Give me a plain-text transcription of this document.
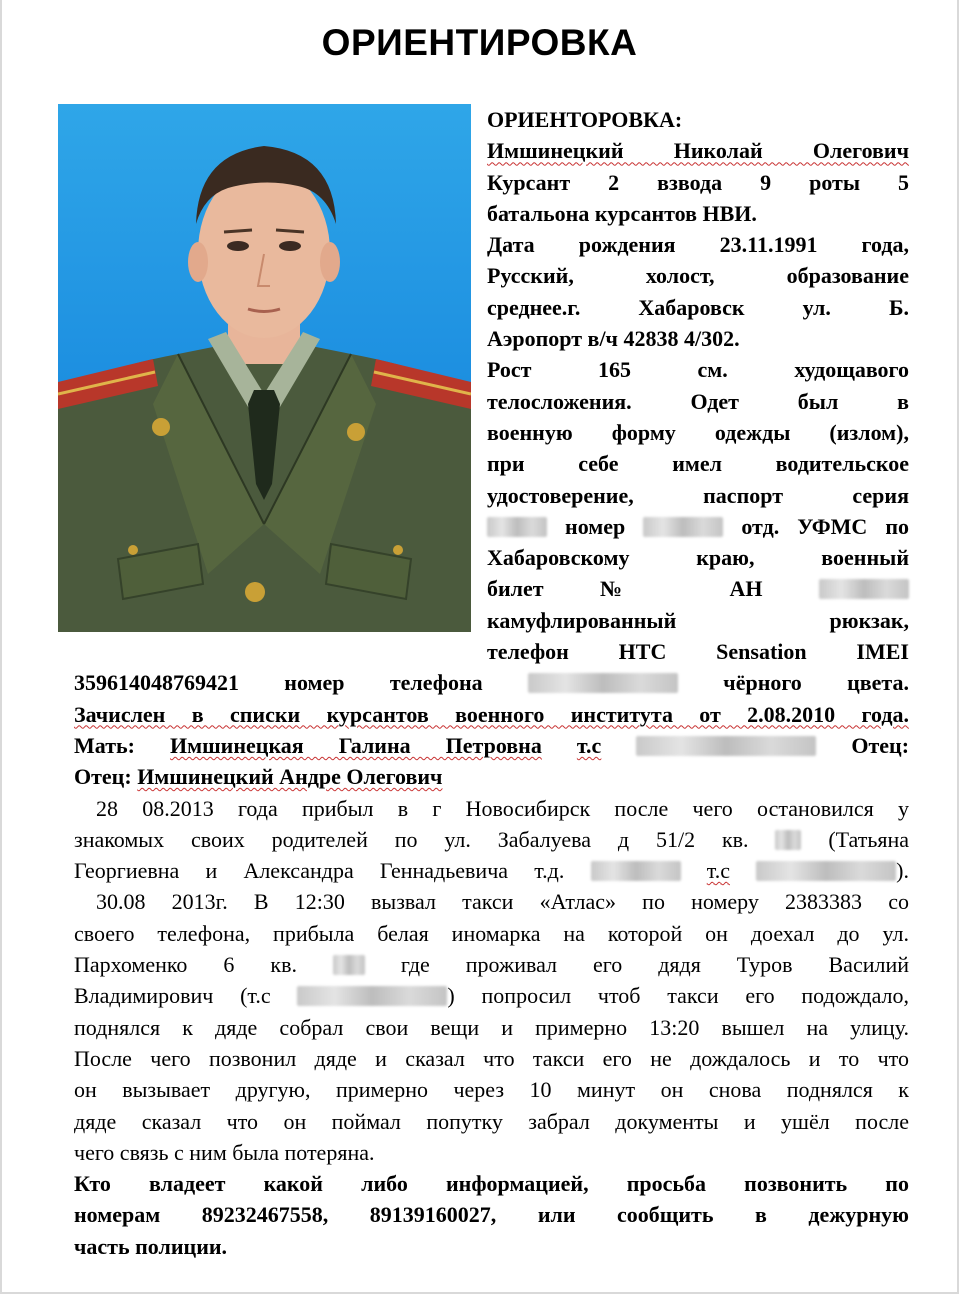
ОРИЕНТИРОВКА
ОРИЕНТОРОВКА:
Имшинецкий Николай Олегович
Курсант 2 взвода 9 роты 5
батальона курсантов НВИ.
Дата рождения 23.11.1991 года,
Русский, холост, образование
среднее.г. Хабаровск ул. Б.
Аэропорт в/ч 42838 4/302.
Рост 165 см. худощавого
телосложения. Одет был в
военную форму одежды (излом),
при себе имел водительское
удостоверение, паспорт серия
номер	отд. УФМС по
Хабаровскому краю, военный
билет № АН
камуфлированный рюкзак,
телефон HTC Sensation IMEI
359614048769421 номер телефона	чёрного цвета.
Зачислен в списки курсантов военного института от 2.08.2010 года.
Мать: Имшинецкая Галина Петровна т.с	Отец:
Отец: Имшинецкий Андре Олегович
28 08.2013 года прибыл в г Новосибирск после чего остановился у
знакомых своих родителей по ул. Забалуева д 51/2 кв.	(Татьяна
Георгиевна и Александра Геннадьевича т.д.	т.с	).
30.08 2013г. В 12:30 вызвал такси «Атлас» по номеру 2383383 со
своего телефона, прибыла белая иномарка на которой он доехал до ул.
Пархоменко 6 кв.	где проживал его дядя Туров Василий
Владимирович (т.с	) попросил чтоб такси его подождало,
поднялся к дяде собрал свои вещи и примерно 13:20 вышел на улицу.
После чего позвонил дяде и сказал что такси его не дождалось и то что
он вызывает другую, примерно через 10 минут он снова поднялся к
дяде сказал что он поймал попутку забрал документы и ушёл после
чего связь с ним была потеряна.
Кто владеет какой либо информацией, просьба позвонить по
номерам 89232467558, 89139160027, или сообщить в дежурную
часть полиции.
